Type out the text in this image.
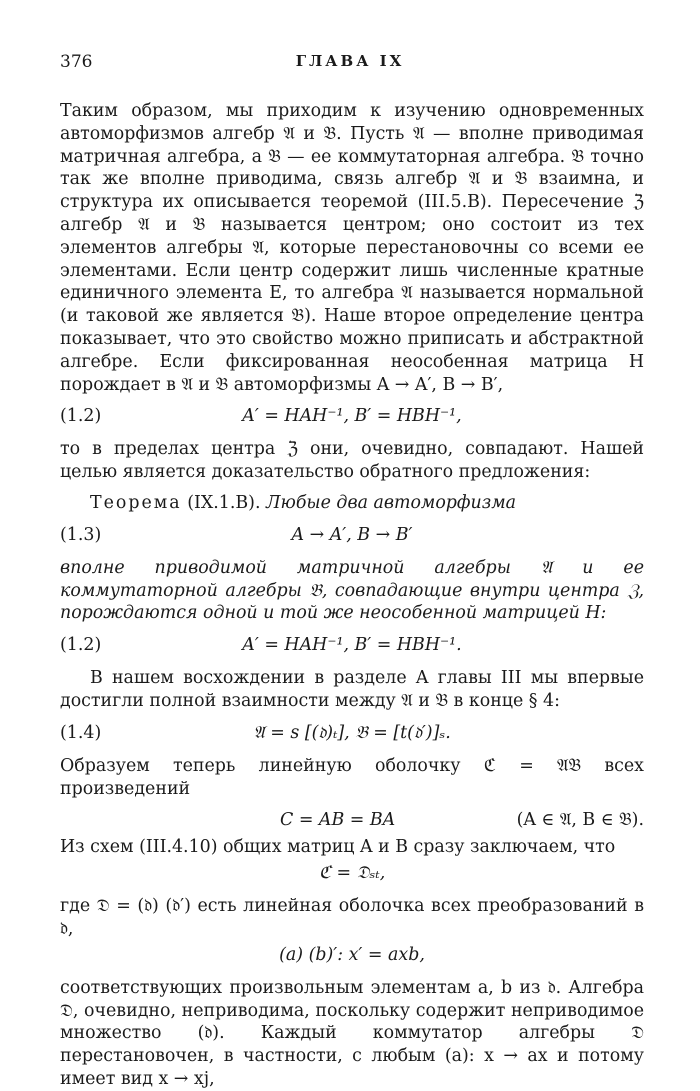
376	ГЛАВА IX

Таким образом, мы приходим к изучению одновременных автоморфизмов алгебр 𝔄 и 𝔅. Пусть 𝔄 — вполне приводимая матричная алгебра, а 𝔅 — ее коммутаторная алгебра. 𝔅 точно так же вполне приводима, связь алгебр 𝔄 и 𝔅 взаимна, и структура их описывается теоремой (III.5.B). Пересечение ℨ алгебр 𝔄 и 𝔅 называется центром; оно состоит из тех элементов алгебры 𝔄, которые перестановочны со всеми ее элементами. Если центр содержит лишь численные кратные единичного элемента E, то алгебра 𝔄 называется нормальной (и таковой же является 𝔅). Наше второе определение центра показывает, что это свойство можно приписать и абстрактной алгебре. Если фиксированная неособенная матрица H порождает в 𝔄 и 𝔅 автоморфизмы A → A′, B → B′,

(1.2)	A′ = HAH⁻¹, B′ = HBH⁻¹,

то в пределах центра ℨ они, очевидно, совпадают. Нашей целью является доказательство обратного предложения:

Теорема (IX.1.B). Любые два автоморфизма

(1.3)	A → A′, B → B′

вполне приводимой матричной алгебры 𝔄 и ее коммутаторной алгебры 𝔅, совпадающие внутри центра ℨ, порождаются одной и той же неособенной матрицей H:

(1.2)	A′ = HAH⁻¹, B′ = HBH⁻¹.

В нашем восхождении в разделе A главы III мы впервые достигли полной взаимности между 𝔄 и 𝔅 в конце § 4:

(1.4)	𝔄 = s [(𝔡)ₜ], 𝔅 = [t(𝔡′)]ₛ.

Образуем теперь линейную оболочку ℭ = 𝔄𝔅 всех произведений

C = AB = BA	(A ∈ 𝔄, B ∈ 𝔅).

Из схем (III.4.10) общих матриц A и B сразу заключаем, что

ℭ = 𝔇ₛₜ,

где 𝔇 = (𝔡) (𝔡′) есть линейная оболочка всех преобразований в 𝔡,

(a) (b)′: x′ = axb,

соответствующих произвольным элементам a, b из 𝔡. Алгебра 𝔇, очевидно, неприводима, поскольку содержит неприводимое множество (𝔡). Каждый коммутатор алгебры 𝔇 перестановочен, в частности, с любым (a): x → ax и потому имеет вид x → xj,
